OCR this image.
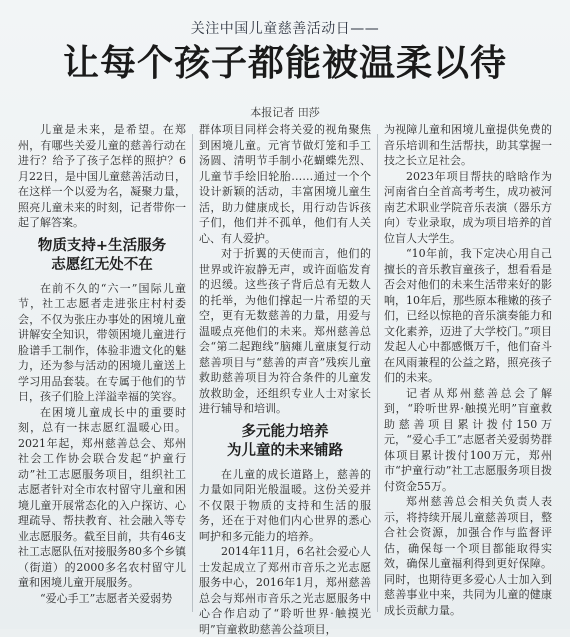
关注中国儿童慈善活动日——
让每个孩子都能被温柔以待
本报记者 田莎

儿童是未来，是希望。在郑州，有哪些关爱儿童的慈善行动在进行？给予了孩子怎样的照护？6月22日，是中国儿童慈善活动日，在这样一个以爱为名，凝聚力量，照亮儿童未来的时刻，记者带你一起了解答案。

物质支持+生活服务
志愿红无处不在

在前不久的“六一”国际儿童节，社工志愿者走进张庄村村委会，不仅为张庄办事处的困境儿童讲解安全知识，带领困境儿童进行脸谱手工制作，体验非遗文化的魅力，还为参与活动的困境儿童送上学习用品套装。在专属于他们的节日，孩子们脸上洋溢幸福的笑容。

在困境儿童成长中的重要时刻，总有一抹志愿红温暖心田。2021年起，郑州慈善总会、郑州社会工作协会联合发起“护童行动”社工志愿服务项目，组织社工志愿者针对全市农村留守儿童和困境儿童开展常态化的入户探访、心理疏导、帮扶教育、社会融入等专业志愿服务。截至目前，共有46支社工志愿队伍对接服务80多个乡镇（街道）的2000多名农村留守儿童和困境儿童开展服务。

“爱心手工”志愿者关爱弱势

群体项目同样会将关爱的视角聚焦到困境儿童。元宵节做灯笼和手工汤圆、清明节手制小花蝴蝶先烈、儿童节手绘旧轮胎……通过一个个设计新颖的活动，丰富困境儿童生活，助力健康成长，用行动告诉孩子们，他们并不孤单，他们有人关心、有人爱护。

对于折翼的天使而言，他们的世界或许寂静无声，或许面临发育的迟缓。这些孩子背后总有无数人的托举，为他们撑起一片希望的天空，更有无数慈善的力量，用爱与温暖点亮他们的未来。郑州慈善总会“第二起跑线”脑瘫儿童康复行动慈善项目与“慈善的声音”残疾儿童救助慈善项目为符合条件的儿童发放救助金，还组织专业人士对家长进行辅导和培训。

多元能力培养
为儿童的未来铺路

在儿童的成长道路上，慈善的力量如同阳光般温暖。这份关爱并不仅限于物质的支持和生活的服务，还在于对他们内心世界的悉心呵护和多元能力的培养。

2014年11月，6名社会爱心人士发起成立了郑州市音乐之光志愿服务中心，2016年1月，郑州慈善总会与郑州市音乐之光志愿服务中心合作启动了“聆听世界·触摸光明”盲童救助慈善公益项目，

为视障儿童和困境儿童提供免费的音乐培训和生活帮扶，助其掌握一技之长立足社会。

2023年项目帮扶的晗晗作为河南省白全首高考考生，成功被河南艺术职业学院音乐表演（器乐方向）专业录取，成为项目培养的首位盲人大学生。

“10年前，我下定决心用自己擅长的音乐教盲童孩子，想看看是否会对他们的未来生活带来好的影响，10年后，那些原本稚嫩的孩子们，已经以惊艳的音乐演奏能力和文化素养，迈进了大学校门。”项目发起人心中都感慨万千，他们奋斗在风雨兼程的公益之路，照亮孩子们的未来。

记者从郑州慈善总会了解到，“聆听世界·触摸光明”盲童救助慈善项目累计拨付150万元，“爱心手工”志愿者关爱弱势群体项目累计拨付100万元，郑州市“护童行动”社工志愿服务项目拨付资金55万。

郑州慈善总会相关负责人表示，将持续开展儿童慈善项目，整合社会资源，加强合作与监督评估，确保每一个项目都能取得实效，确保儿童福利得到更好保障。同时，也期待更多爱心人士加入到慈善事业中来，共同为儿童的健康成长贡献力量。
